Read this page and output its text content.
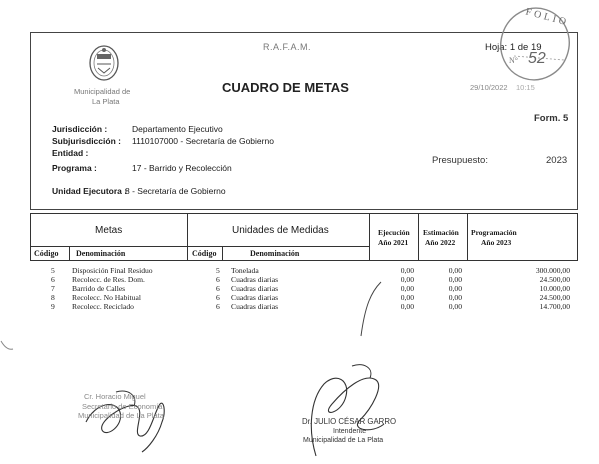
Municipalidad de
La Plata
R.A.F.A.M.
CUADRO DE METAS
Hoja: 1 de 19
29/10/2022 10:15
Form. 5
Presupuesto:	2023
Jurisdicción :	Departamento Ejecutivo
Subjurisdicción : 1110107000 - Secretaría de Gobierno
Entidad :
Programa :	17 - Barrido y Recolección
Unidad Ejecutora :
8 - Secretaría de Gobierno
FOLIO
N° 52
Metas	Unidades de Medidas
Código Denominación	Código	Denominación
Ejecución
Año 2021
Estimación
Año 2022
Programación
Año 2023
5 Disposición Final Residuo	5 Tonelada	0,00	0,00	300.000,00
6 Recolecc. de Res. Dom.	6 Cuadras diarias	0,00	0,00	24.500,00
7 Barrido de Calles	6 Cuadras diarias	0,00	0,00	10.000,00
8 Recolecc. No Habitual	6 Cuadras diarias	0,00	0,00	24.500,00
9 Recolecc. Reciclado	6 Cuadras diarias	0,00	0,00	14.700,00
Cr. Horacio Miguel
Secretario de Economía
Municipalidad de La Plata
Dr. JULIO CÉSAR GARRO
Intendente
Municipalidad de La Plata
